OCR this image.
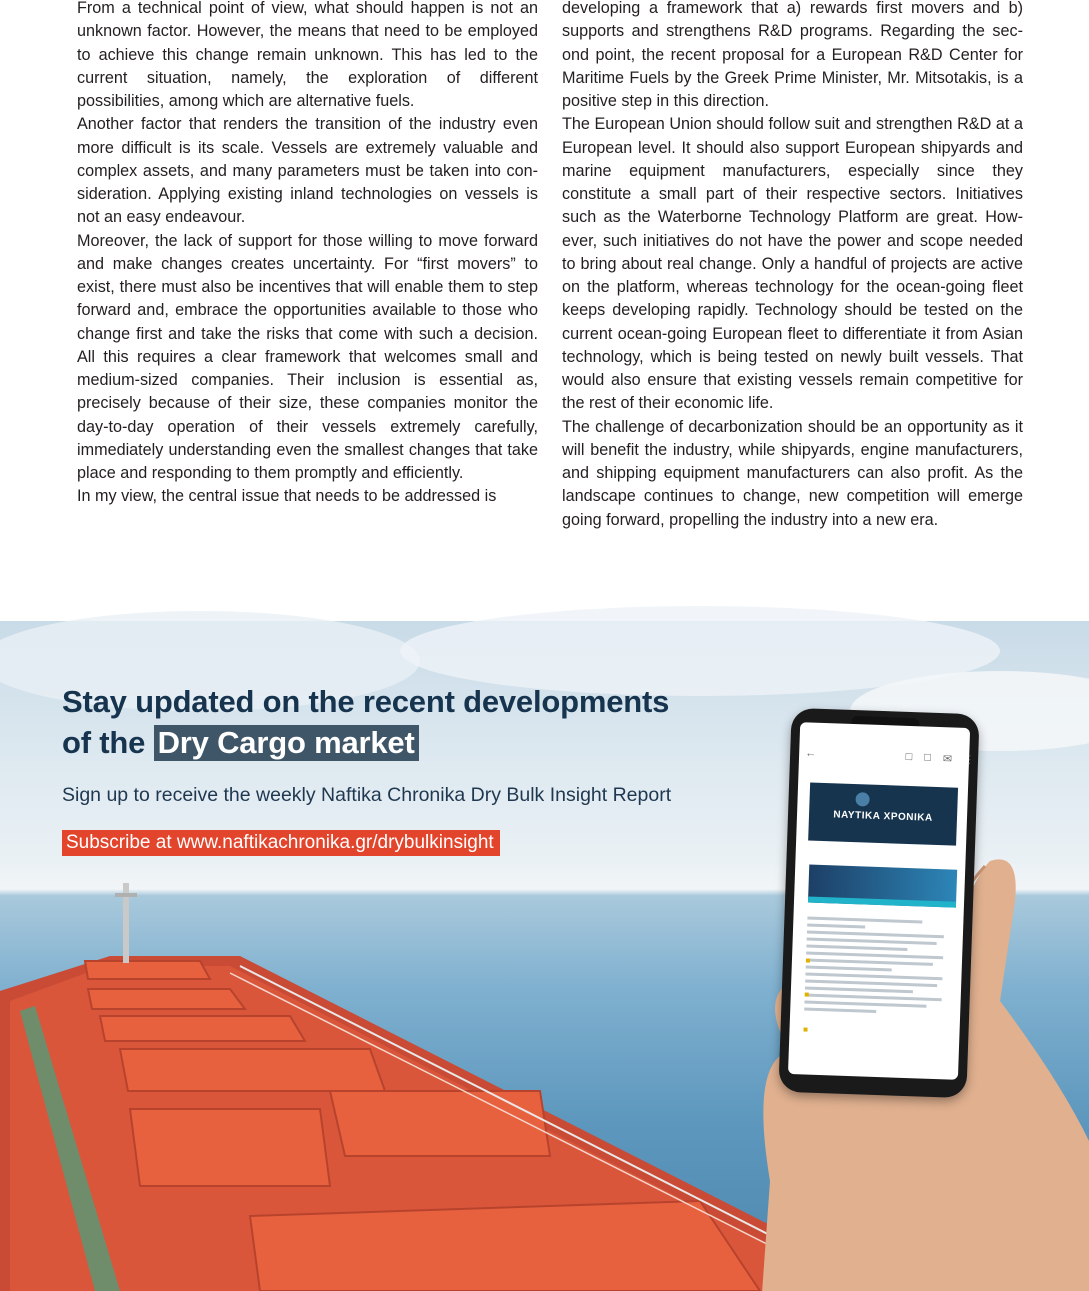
From a technical point of view, what should happen is not an unknown factor. However, the means that need to be employed to achieve this change remain unknown. This has led to the current situation, namely, the exploration of different possibilities, among which are alternative fuels.

Another factor that renders the transition of the industry even more difficult is its scale. Vessels are extremely valuable and complex assets, and many parameters must be taken into consideration. Applying existing inland technologies on vessels is not an easy endeavour.

Moreover, the lack of support for those willing to move forward and make changes creates uncertainty. For “first movers” to exist, there must also be incentives that will enable them to step forward and, embrace the opportunities available to those who change first and take the risks that come with such a decision. All this requires a clear framework that welcomes small and medium-sized companies. Their inclusion is essential as, precisely because of their size, these companies monitor the day-to-day operation of their vessels extremely carefully, immediately understanding even the smallest changes that take place and responding to them promptly and efficiently.

In my view, the central issue that needs to be addressed is

developing a framework that a) rewards first movers and b) supports and strengthens R&D programs. Regarding the second point, the recent proposal for a European R&D Center for Maritime Fuels by the Greek Prime Minister, Mr. Mitsotakis, is a positive step in this direction.

The European Union should follow suit and strengthen R&D at a European level. It should also support European shipyards and marine equipment manufacturers, especially since they constitute a small part of their respective sectors. Initiatives such as the Waterborne Technology Platform are great. However, such initiatives do not have the power and scope needed to bring about real change. Only a handful of projects are active on the platform, whereas technology for the ocean-going fleet keeps developing rapidly. Technology should be tested on the current ocean-going European fleet to differentiate it from Asian technology, which is being tested on newly built vessels. That would also ensure that existing vessels remain competitive for the rest of their economic life.

The challenge of decarbonization should be an opportunity as it will benefit the industry, while shipyards, engine manufacturers, and shipping equipment manufacturers can also profit. As the landscape continues to change, new competition will emerge going forward, propelling the industry into a new era.

Stay updated on the recent developments
of the Dry Cargo market

Sign up to receive the weekly Naftika Chronika Dry Bulk Insight Report

Subscribe at www.naftikachronika.gr/drybulkinsight

←	□ □ ✉ ⋮
ΝΑΥΤΙΚΑ ΧΡΟΝΙΚΑ
